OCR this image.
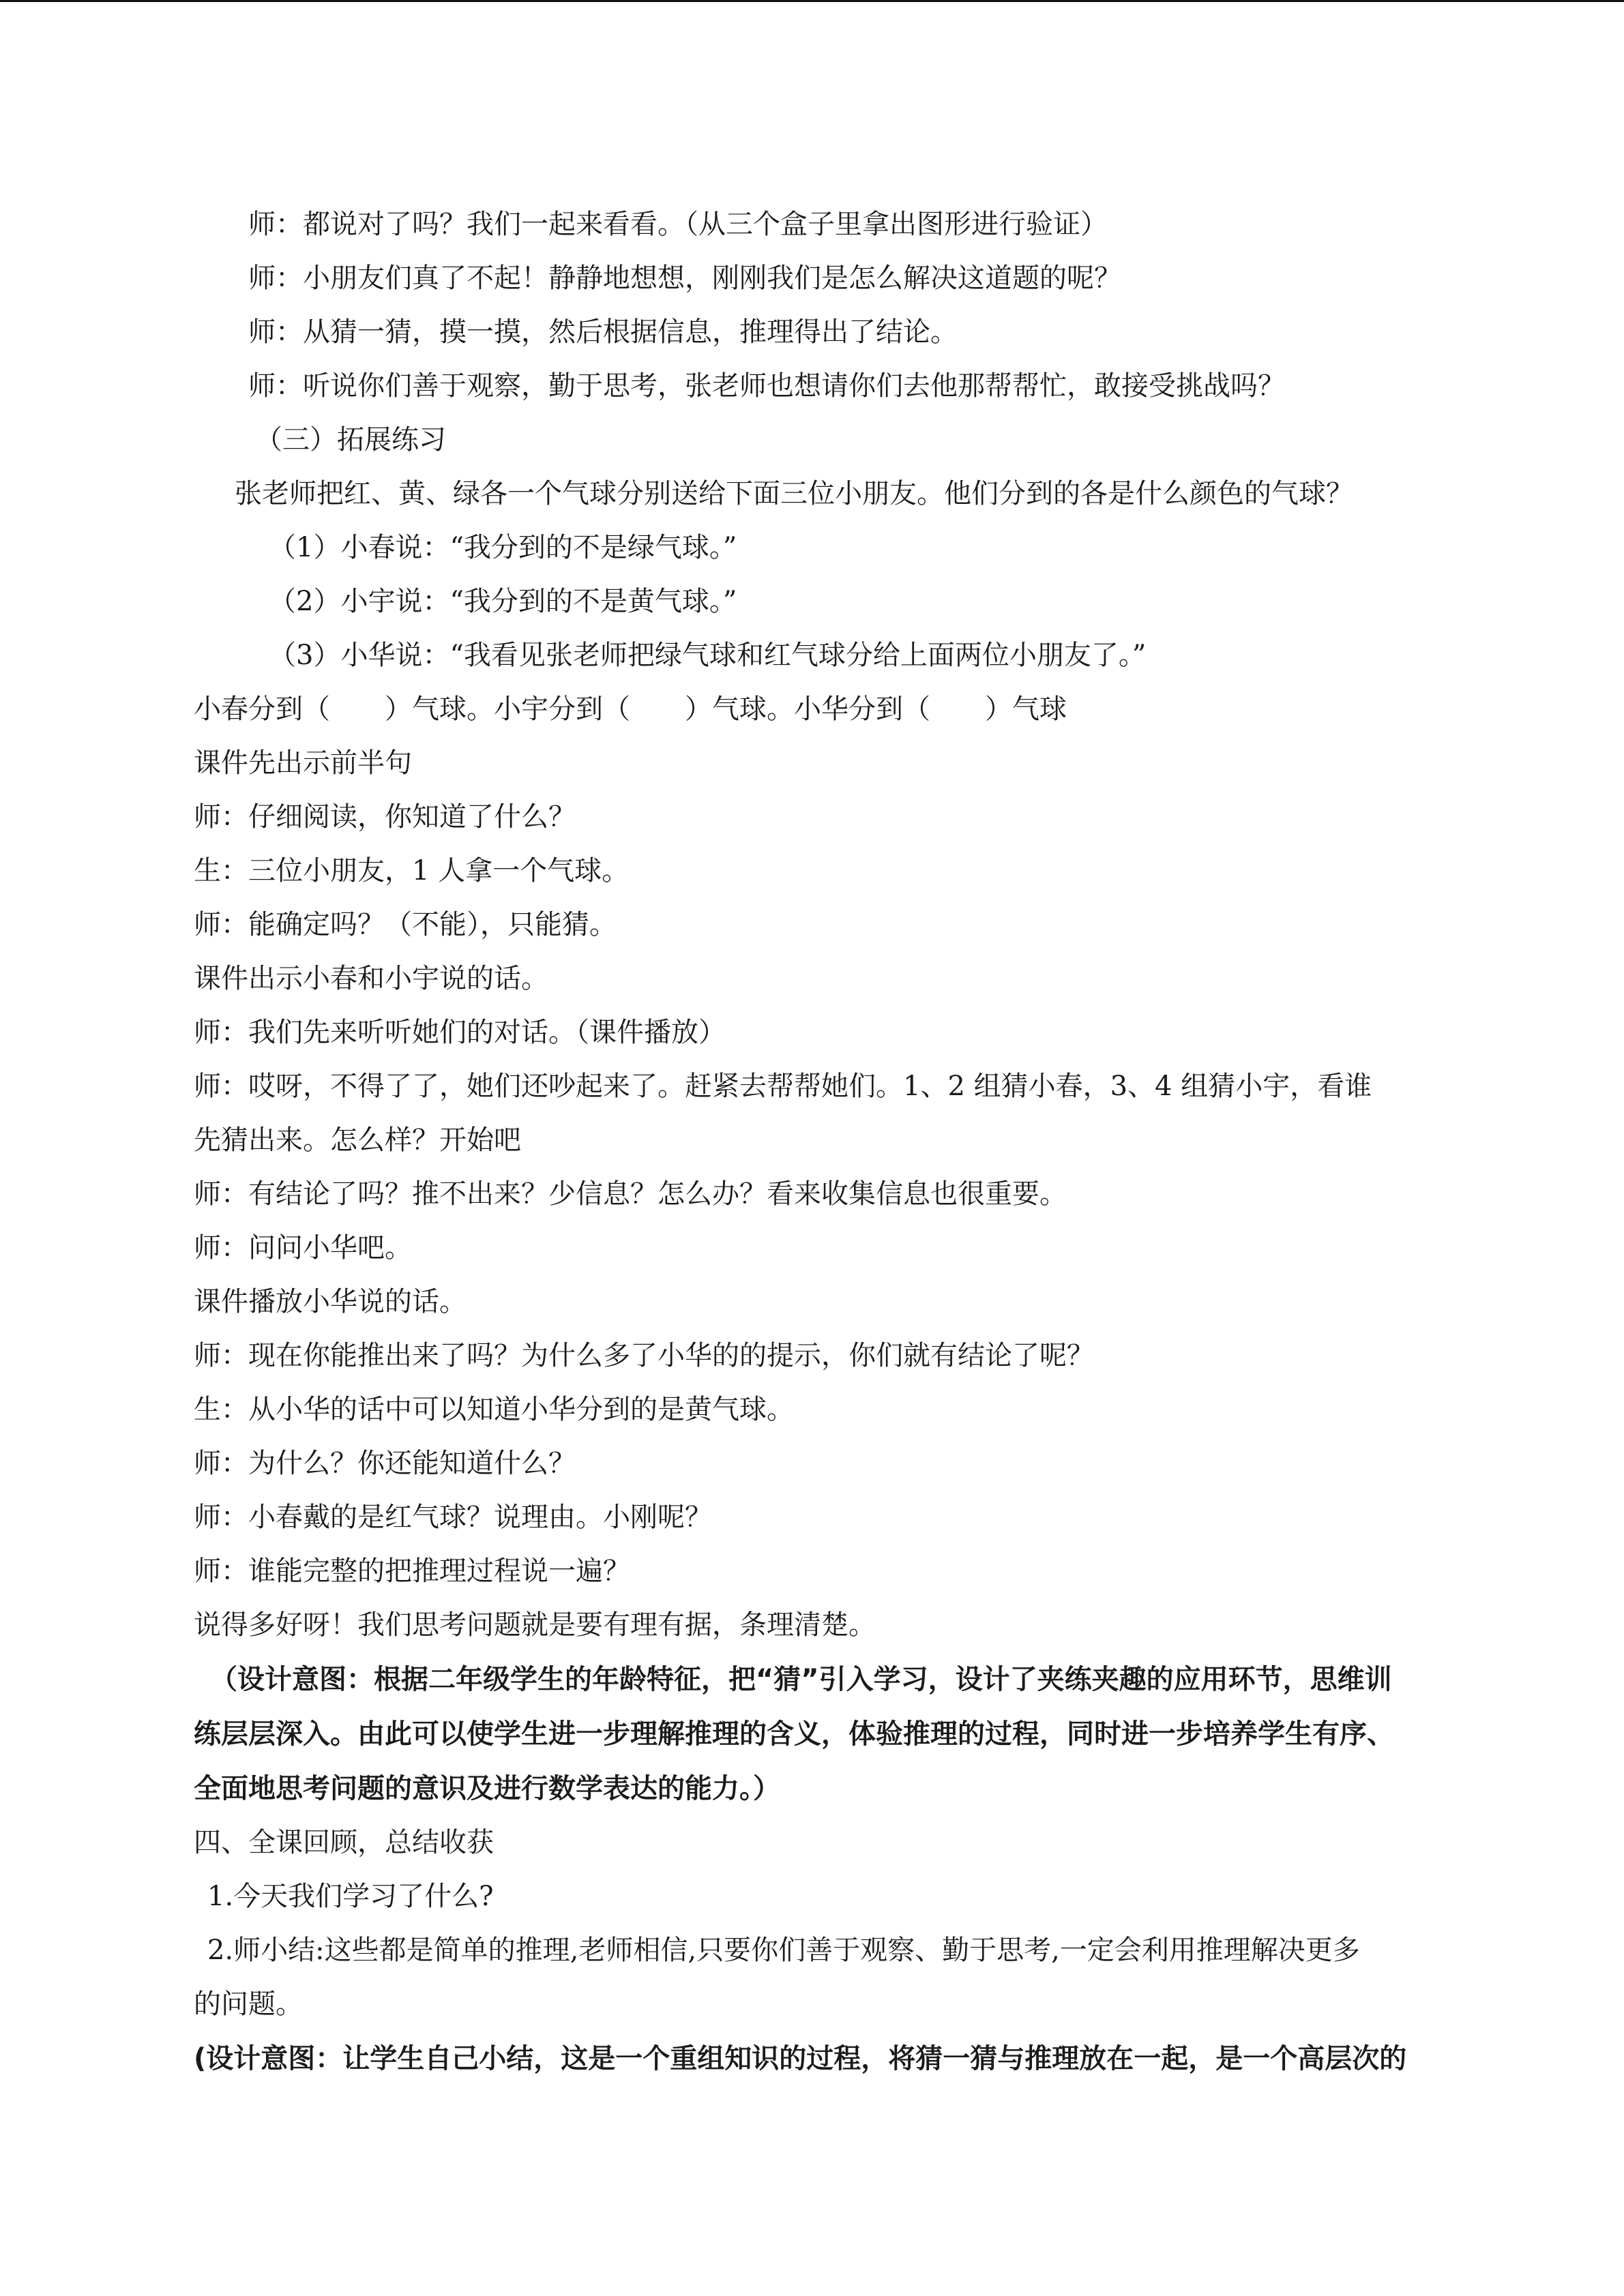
师：都说对了吗？我们一起来看看。（从三个盒子里拿出图形进行验证）
师：小朋友们真了不起！静静地想想，刚刚我们是怎么解决这道题的呢？
师：从猜一猜，摸一摸，然后根据信息，推理得出了结论。
师：听说你们善于观察，勤于思考，张老师也想请你们去他那帮帮忙，敢接受挑战吗？
（三）拓展练习
张老师把红、黄、绿各一个气球分别送给下面三位小朋友。他们分到的各是什么颜色的气球？
（1）小春说：“我分到的不是绿气球。”
（2）小宇说：“我分到的不是黄气球。”
（3）小华说：“我看见张老师把绿气球和红气球分给上面两位小朋友了。”
小春分到（　　）气球。小宇分到（　　）气球。小华分到（　　）气球
课件先出示前半句
师：仔细阅读，你知道了什么？
生：三位小朋友，1 人拿一个气球。
师：能确定吗？（不能），只能猜。
课件出示小春和小宇说的话。
师：我们先来听听她们的对话。（课件播放）
师：哎呀，不得了了，她们还吵起来了。赶紧去帮帮她们。1、2 组猜小春，3、4 组猜小宇，看谁
先猜出来。怎么样？开始吧
师：有结论了吗？推不出来？少信息？怎么办？看来收集信息也很重要。
师：问问小华吧。
课件播放小华说的话。
师：现在你能推出来了吗？为什么多了小华的的提示，你们就有结论了呢？
生：从小华的话中可以知道小华分到的是黄气球。
师：为什么？你还能知道什么？
师：小春戴的是红气球？说理由。小刚呢？
师：谁能完整的把推理过程说一遍？
说得多好呀！我们思考问题就是要有理有据，条理清楚。
（设计意图：根据二年级学生的年龄特征，把“猜”引入学习，设计了夹练夹趣的应用环节，思维训
练层层深入。由此可以使学生进一步理解推理的含义，体验推理的过程，同时进一步培养学生有序、
全面地思考问题的意识及进行数学表达的能力。）
四、全课回顾，总结收获
1.今天我们学习了什么?
2.师小结:这些都是简单的推理,老师相信,只要你们善于观察、勤于思考,一定会利用推理解决更多
的问题。
(设计意图：让学生自己小结，这是一个重组知识的过程，将猜一猜与推理放在一起，是一个高层次的
